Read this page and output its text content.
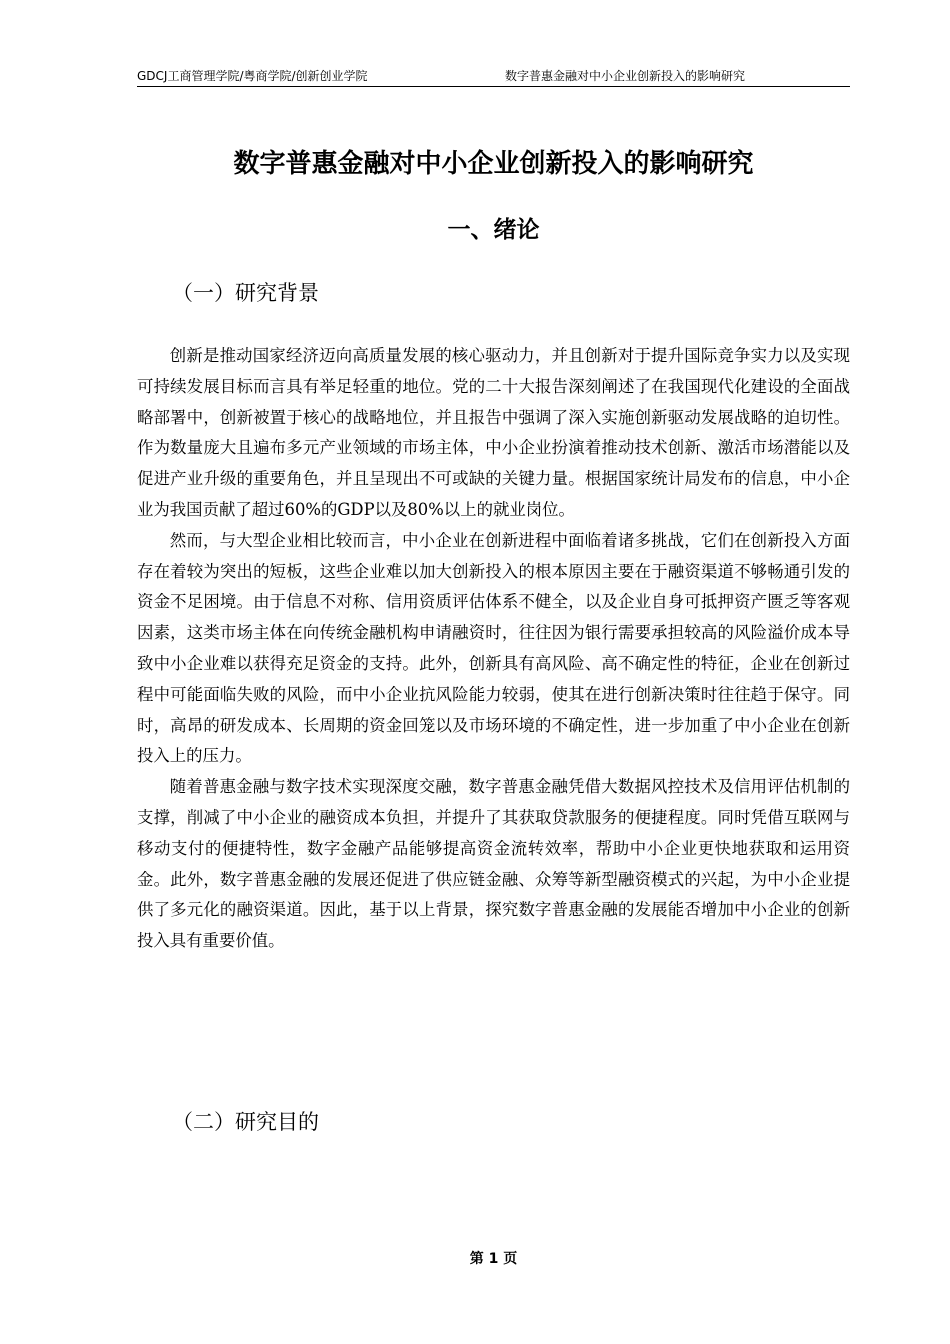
GDCJ工商管理学院/粤商学院/创新创业学院	数字普惠金融对中小企业创新投入的影响研究
数字普惠金融对中小企业创新投入的影响研究
一、绪论
（一）研究背景

创新是推动国家经济迈向高质量发展的核心驱动力，并且创新对于提升国际竞争实力以及实现可持续发展目标而言具有举足轻重的地位。党的二十大报告深刻阐述了在我国现代化建设的全面战略部署中，创新被置于核心的战略地位，并且报告中强调了深入实施创新驱动发展战略的迫切性。作为数量庞大且遍布多元产业领域的市场主体，中小企业扮演着推动技术创新、激活市场潜能以及促进产业升级的重要角色，并且呈现出不可或缺的关键力量。根据国家统计局发布的信息，中小企业为我国贡献了超过60%的GDP以及80%以上的就业岗位。

然而，与大型企业相比较而言，中小企业在创新进程中面临着诸多挑战，它们在创新投入方面存在着较为突出的短板，这些企业难以加大创新投入的根本原因主要在于融资渠道不够畅通引发的资金不足困境。由于信息不对称、信用资质评估体系不健全，以及企业自身可抵押资产匮乏等客观因素，这类市场主体在向传统金融机构申请融资时，往往因为银行需要承担较高的风险溢价成本导致中小企业难以获得充足资金的支持。此外，创新具有高风险、高不确定性的特征，企业在创新过程中可能面临失败的风险，而中小企业抗风险能力较弱，使其在进行创新决策时往往趋于保守。同时，高昂的研发成本、长周期的资金回笼以及市场环境的不确定性，进一步加重了中小企业在创新投入上的压力。

随着普惠金融与数字技术实现深度交融，数字普惠金融凭借大数据风控技术及信用评估机制的支撑，削减了中小企业的融资成本负担，并提升了其获取贷款服务的便捷程度。同时凭借互联网与移动支付的便捷特性，数字金融产品能够提高资金流转效率，帮助中小企业更快地获取和运用资金。此外，数字普惠金融的发展还促进了供应链金融、众筹等新型融资模式的兴起，为中小企业提供了多元化的融资渠道。因此，基于以上背景，探究数字普惠金融的发展能否增加中小企业的创新投入具有重要价值。

（二）研究目的
第 1 页
